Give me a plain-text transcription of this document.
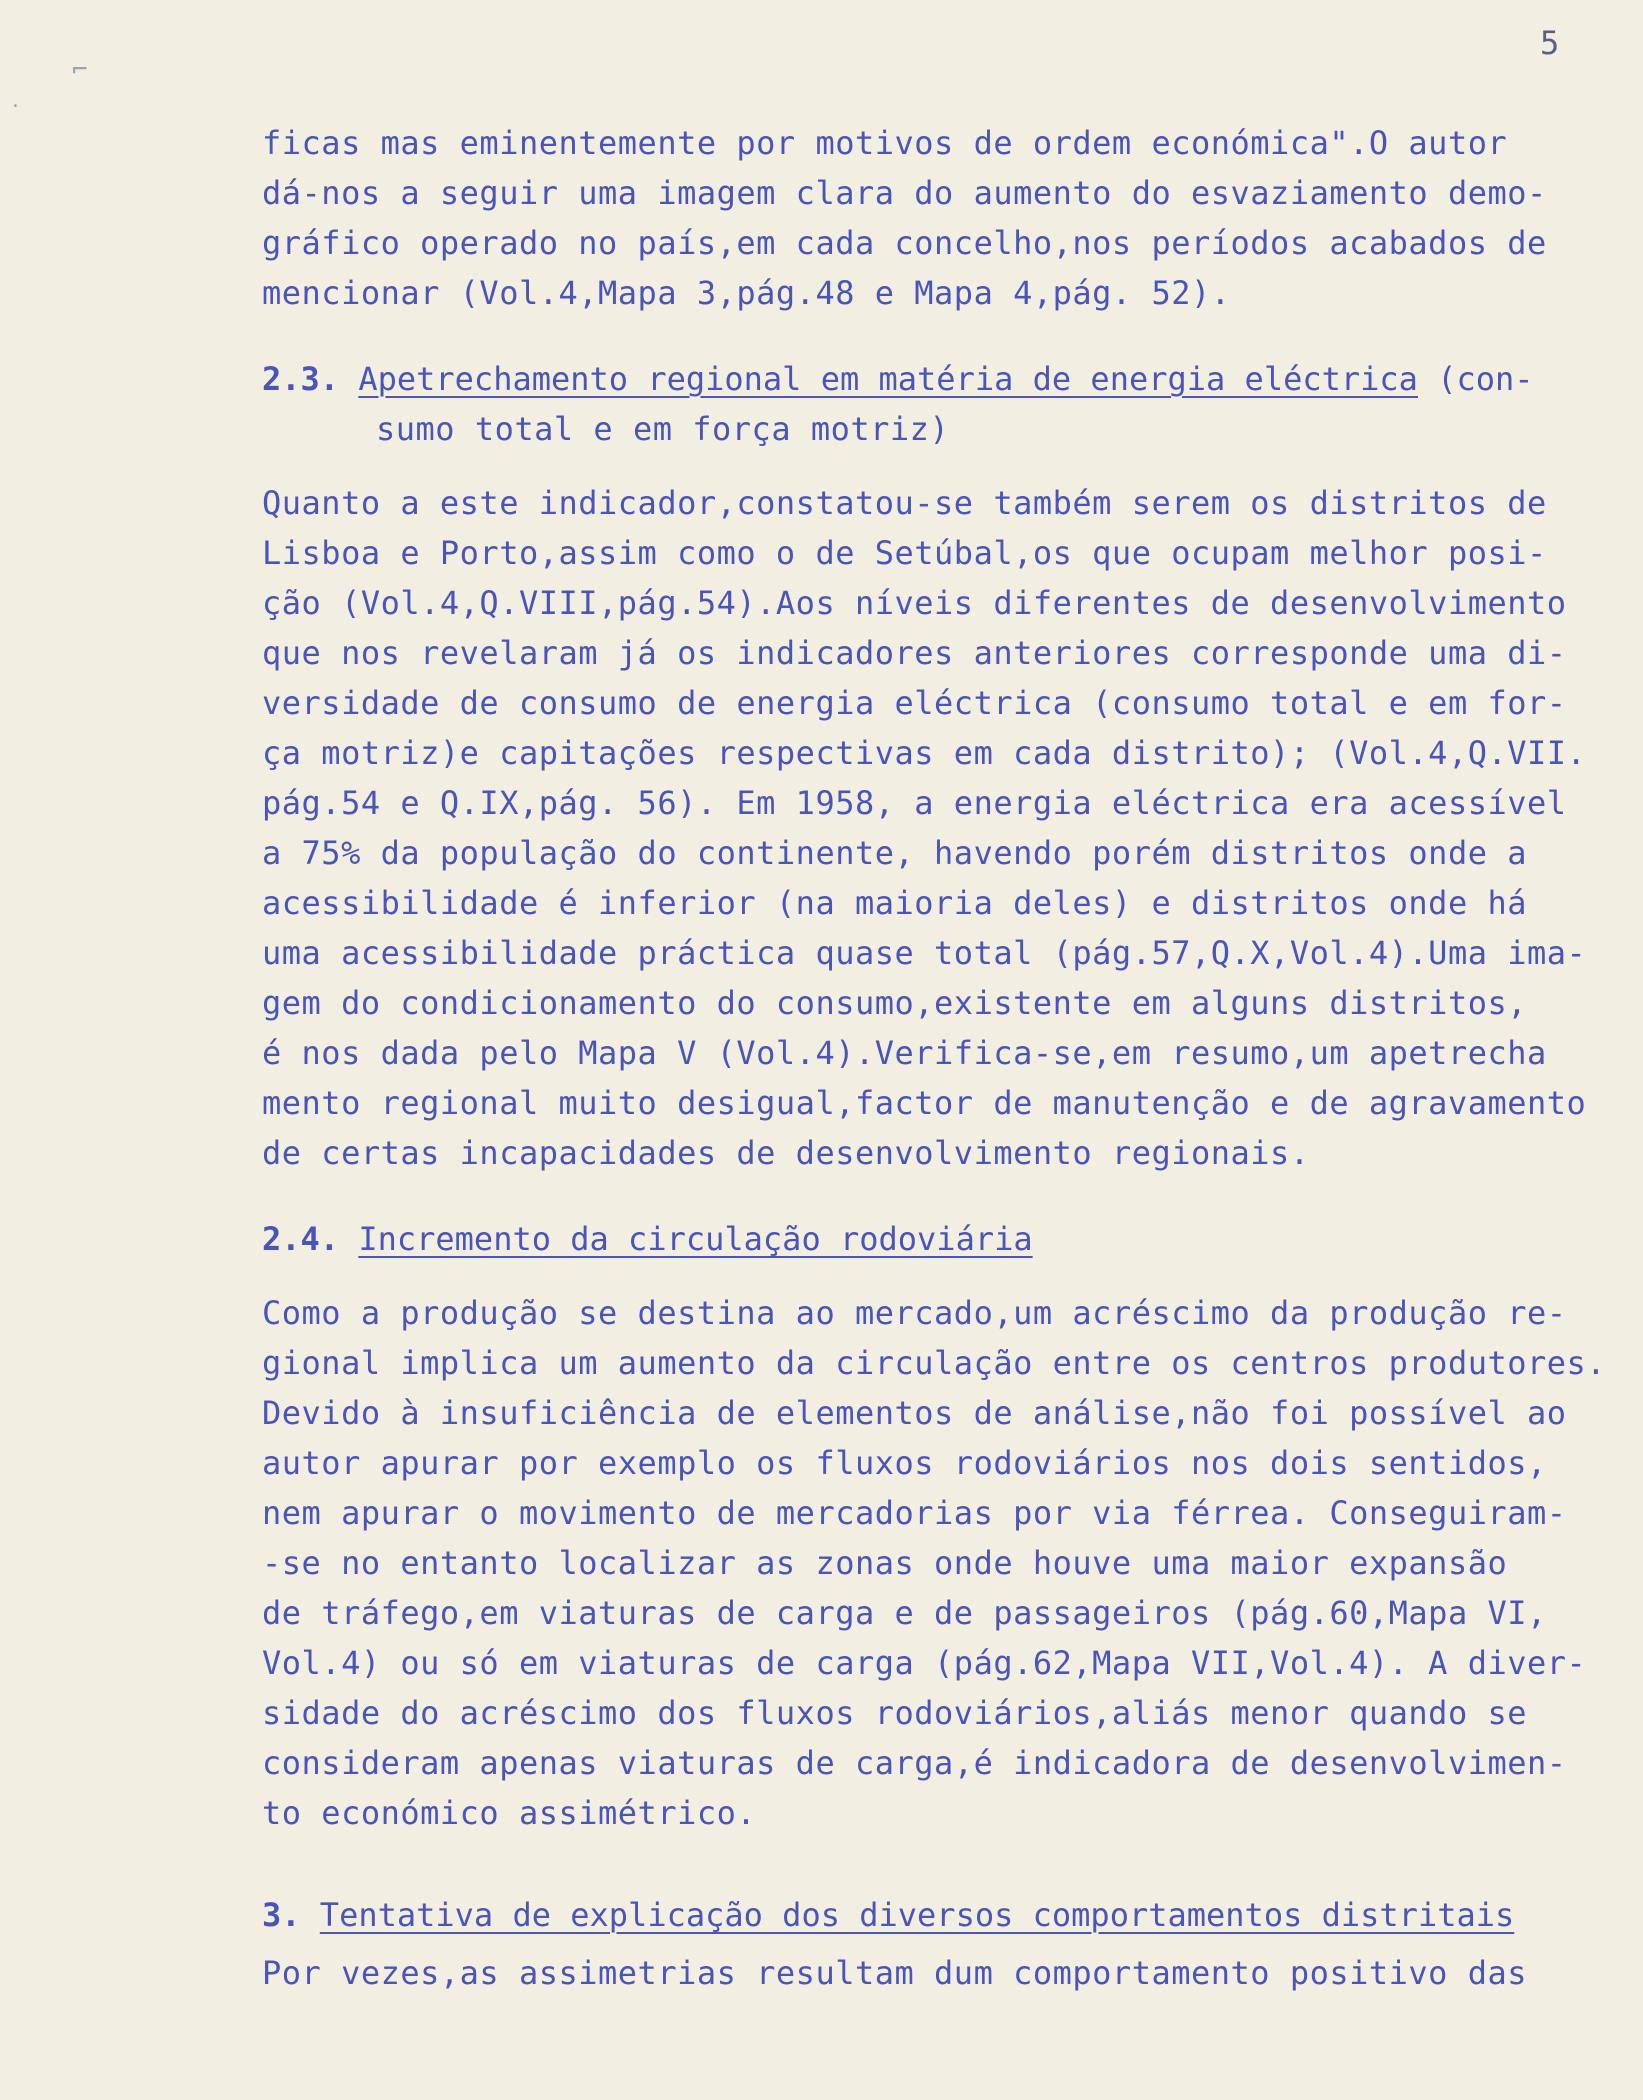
5
⌐
·
ficas mas eminentemente por motivos de ordem económica".O autor
dá-nos a seguir uma imagem clara do aumento do esvaziamento demo-
gráfico operado no país,em cada concelho,nos períodos acabados de
mencionar (Vol.4,Mapa 3,pág.48 e Mapa 4,pág. 52).
2.3. Apetrechamento regional em matéria de energia eléctrica (con-
sumo total e em força motriz)
Quanto a este indicador,constatou-se também serem os distritos de
Lisboa e Porto,assim como o de Setúbal,os que ocupam melhor posi-
ção (Vol.4,Q.VIII,pág.54).Aos níveis diferentes de desenvolvimento
que nos revelaram já os indicadores anteriores corresponde uma di-
versidade de consumo de energia eléctrica (consumo total e em for-
ça motriz)e capitações respectivas em cada distrito); (Vol.4,Q.VII.
pág.54 e Q.IX,pág. 56). Em 1958, a energia eléctrica era acessível
a 75% da população do continente, havendo porém distritos onde a
acessibilidade é inferior (na maioria deles) e distritos onde há
uma acessibilidade práctica quase total (pág.57,Q.X,Vol.4).Uma ima-
gem do condicionamento do consumo,existente em alguns distritos,
é nos dada pelo Mapa V (Vol.4).Verifica-se,em resumo,um apetrecha
mento regional muito desigual,factor de manutenção e de agravamento
de certas incapacidades de desenvolvimento regionais.
2.4. Incremento da circulação rodoviária
Como a produção se destina ao mercado,um acréscimo da produção re-
gional implica um aumento da circulação entre os centros produtores.
Devido à insuficiência de elementos de análise,não foi possível ao
autor apurar por exemplo os fluxos rodoviários nos dois sentidos,
nem apurar o movimento de mercadorias por via férrea. Conseguiram-
-se no entanto localizar as zonas onde houve uma maior expansão
de tráfego,em viaturas de carga e de passageiros (pág.60,Mapa VI,
Vol.4) ou só em viaturas de carga (pág.62,Mapa VII,Vol.4). A diver-
sidade do acréscimo dos fluxos rodoviários,aliás menor quando se
consideram apenas viaturas de carga,é indicadora de desenvolvimen-
to económico assimétrico.
3. Tentativa de explicação dos diversos comportamentos distritais
Por vezes,as assimetrias resultam dum comportamento positivo das
